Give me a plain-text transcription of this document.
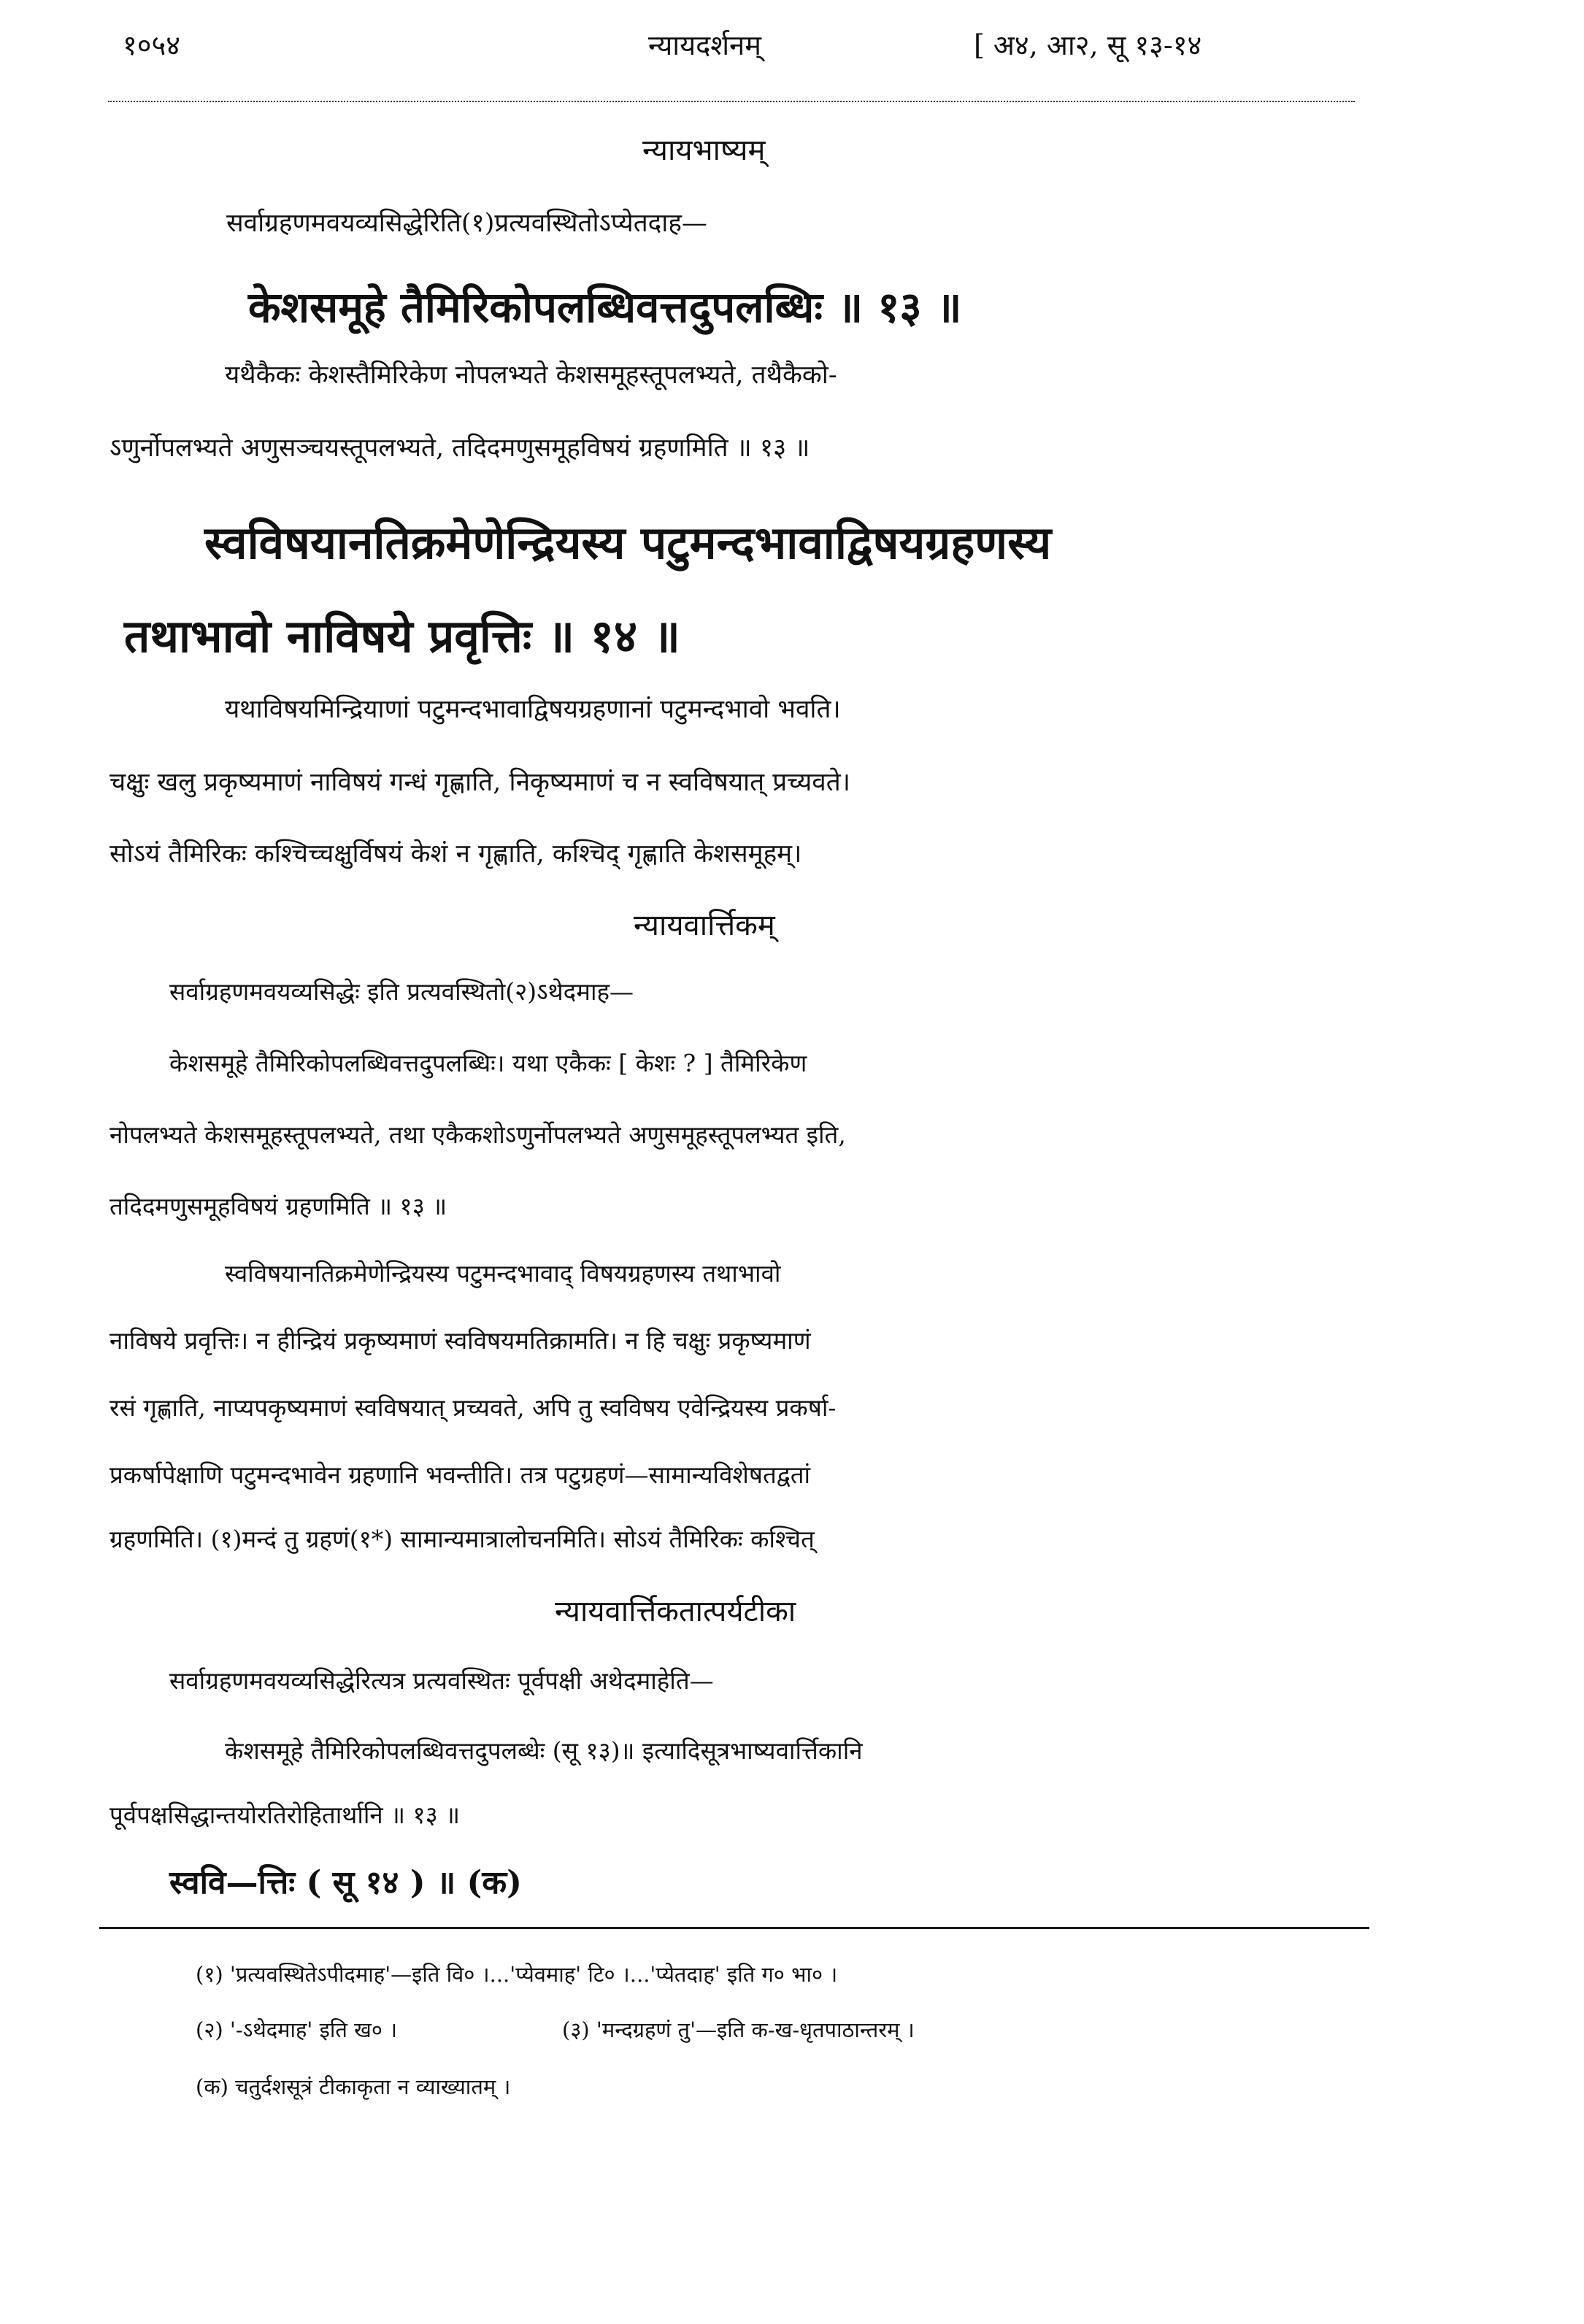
१०५४	न्यायदर्शनम्	[ अ४, आ२, सू १३-१४
न्यायभाष्यम्
सर्वाग्रहणमवयव्यसिद्धेरिति(१)प्रत्यवस्थितोऽप्येतदाह—
केशसमूहे तैमिरिकोपलब्धिवत्तदुपलब्धिः ॥ १३ ॥
यथैकैकः केशस्तैमिरिकेण नोपलभ्यते केशसमूहस्तूपलभ्यते, तथैकैको-
ऽणुर्नोपलभ्यते अणुसञ्चयस्तूपलभ्यते, तदिदमणुसमूहविषयं ग्रहणमिति ॥ १३ ॥
स्वविषयानतिक्रमेणेन्द्रियस्य पटुमन्दभावाद्विषयग्रहणस्य
तथाभावो नाविषये प्रवृत्तिः ॥ १४ ॥
यथाविषयमिन्द्रियाणां पटुमन्दभावाद्विषयग्रहणानां पटुमन्दभावो भवति।
चक्षुः खलु प्रकृष्यमाणं नाविषयं गन्धं गृह्णाति, निकृष्यमाणं च न स्वविषयात् प्रच्यवते।
सोऽयं तैमिरिकः कश्चिच्चक्षुर्विषयं केशं न गृह्णाति, कश्चिद् गृह्णाति केशसमूहम्।
न्यायवार्त्तिकम्
सर्वाग्रहणमवयव्यसिद्धेः इति प्रत्यवस्थितो(२)ऽथेदमाह—
केशसमूहे तैमिरिकोपलब्धिवत्तदुपलब्धिः। यथा एकैकः [ केशः ? ] तैमिरिकेण
नोपलभ्यते केशसमूहस्तूपलभ्यते, तथा एकैकशोऽणुर्नोपलभ्यते अणुसमूहस्तूपलभ्यत इति,
तदिदमणुसमूहविषयं ग्रहणमिति ॥ १३ ॥
स्वविषयानतिक्रमेणेन्द्रियस्य पटुमन्दभावाद् विषयग्रहणस्य तथाभावो
नाविषये प्रवृत्तिः। न हीन्द्रियं प्रकृष्यमाणं स्वविषयमतिक्रामति। न हि चक्षुः प्रकृष्यमाणं
रसं गृह्णाति, नाप्यपकृष्यमाणं स्वविषयात् प्रच्यवते, अपि तु स्वविषय एवेन्द्रियस्य प्रकर्षा-
प्रकर्षापेक्षाणि पटुमन्दभावेन ग्रहणानि भवन्तीति। तत्र पटुग्रहणं—सामान्यविशेषतद्वतां
ग्रहणमिति। (१)मन्दं तु ग्रहणं(१*) सामान्यमात्रालोचनमिति। सोऽयं तैमिरिकः कश्चित्
न्यायवार्त्तिकतात्पर्यटीका
सर्वाग्रहणमवयव्यसिद्धेरित्यत्र प्रत्यवस्थितः पूर्वपक्षी अथेदमाहेति—
केशसमूहे तैमिरिकोपलब्धिवत्तदुपलब्धेः (सू १३)॥ इत्यादिसूत्रभाष्यवार्त्तिकानि
पूर्वपक्षसिद्धान्तयोरतिरोहितार्थानि ॥ १३ ॥
स्ववि—त्तिः ( सू १४ ) ॥ (क)
(१) 'प्रत्यवस्थितेऽपीदमाह'—इति वि० ।...'प्येवमाह' टि० ।...'प्येतदाह' इति ग० भा० ।
(२) '-ऽथेदमाह' इति ख० ।	(३) 'मन्दग्रहणं तु'—इति क-ख-धृतपाठान्तरम् ।
(क) चतुर्दशसूत्रं टीकाकृता न व्याख्यातम् ।
